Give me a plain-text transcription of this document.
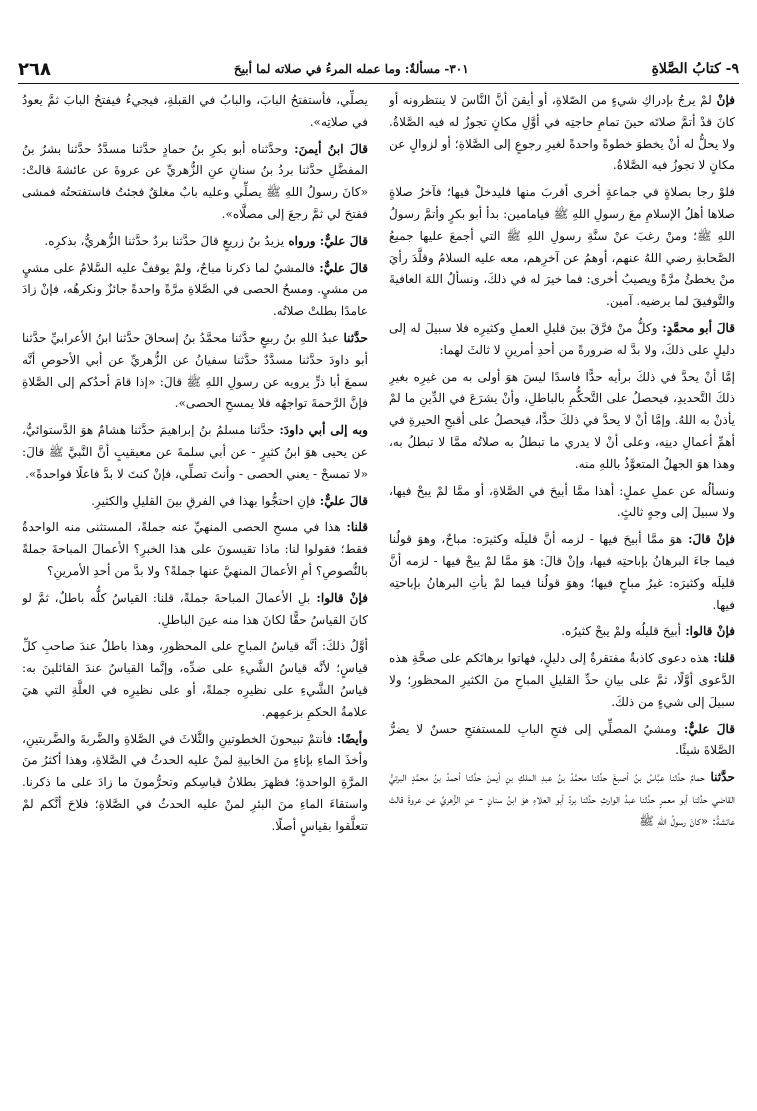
٩- كتابُ الصَّلاةِ
٣٠١- مسألةٌ: وما عمله المرءُ في صلاته لما أبيحَ
٢٦٨

فإنْ لمْ يرجُ بإدراكِ شيءٍ من الصّلاةِ، أو أيقنَ أنَّ النَّاسَ لا ينتظرونه أو كانَ قدْ أتمَّ صلاتَه حينَ تمامِ حاجتِه في أوَّلِ مكانٍ تجوزُ له فيه الصَّلاةُ. ولا يحلُّ له أنْ يخطوَ خطوةً واحدةً لغيرِ رجوعٍ إلى الصَّلاةِ؛ أو لزوالٍ عن مكانٍ لا تجوزُ فيه الصَّلاةُ.

فلوْ رجا بصلاةٍ في جماعةٍ أخرى أقربَ منها فليدخلْ فيها؛ فآخرُ صلاةٍ صلاها أهلُ الإسلامِ معَ رسولِ اللهِ ﷺ فيامامين: بدأ أبو بكرٍ وأتمَّ رسولُ اللهِ ﷺ؛ ومنْ رغبَ عنْ سنَّةِ رسولِ اللهِ ﷺ التي أجمعَ عليها جميعُ الصَّحابةِ رضي اللهُ عنهم، أوهمُ عن آخرِهم، معه عليه السلامُ وقلَّدَ رأيَ منْ يخطئُ مرَّةً ويصيبُ أخرى: فما خيرَ له في ذلكَ، ونسألُ اللهَ العافيةَ والتَّوفيقَ لما يرضيه. آمين.

قالَ أبو محمَّدٍ: وكلُّ منْ فرَّقَ بينَ قليلِ العملِ وكثيرِه فلا سبيلَ له إلى دليلٍ على ذلكَ، ولا بدَّ له ضرورةً من أحدِ أمرينِ لا ثالثَ لهما:

إمَّا أنْ يحدَّ في ذلكَ برأيه حدًّا فاسدًا ليسَ هوَ أولى به من غيرِه بغيرِ ذلكَ التَّحديدِ، فيحصلُ على التَّحكُّمِ بالباطلِ، وأنْ يشرَعَ في الدِّينِ ما لمْ يأذنْ به اللهُ. وإمَّا أنْ لا يحدَّ في ذلكَ حدًّا، فيحصلُ على أقبحِ الحيرةِ في أهمِّ أعمالِ دينِه، وعلى أنْ لا يدري ما تبطلُ به صلاتُه ممَّا لا تبطلُ به، وهذا هوَ الجهلُ المتعوَّذُ باللهِ منه.

ونسألُه عن عملِ عملٍ: أهذا ممَّا أبيحَ في الصَّلاةِ، أو ممَّا لمْ يبحْ فيها، ولا سبيلَ إلى وجهٍ ثالثٍ.

فإنْ قالَ: هوَ ممَّا أبيحَ فيها - لزمه أنَّ قليلَه وكثيرَه: مباحٌ، وهوَ قولُنا فيما جاءَ البرهانُ بإباحتِه فيها، وإنْ قالَ: هوَ ممَّا لمْ يبحْ فيها - لزمه أنَّ قليلَه وكثيرَه: غيرُ مباحٍ فيها؛ وهوَ قولُنا فيما لمْ يأتِ البرهانُ بإباحتِه فيها.

فإنْ قالوا: أبيحَ قليلُه ولمْ يبحْ كثيرُه.

قلنا: هذه دعوى كاذبةٌ مفتقرةٌ إلى دليلٍ، فهاتوا برهانَكم على صحَّةِ هذه الدَّعوى أوَّلًا، ثمَّ على بيانِ حدِّ القليلِ المباحِ منَ الكثيرِ المحظورِ؛ ولا سبيلَ إلى شيءٍ من ذلكَ.

قالَ عليٌّ: ومشيُ المصلِّي إلى فتحِ البابِ للمستفتحِ حسنٌ لا يضرُّ الصَّلاةَ شيئًا.

حدَّثنا حمامٌ حدَّثنا عبَّاسُ بنُ أصبغَ حدَّثنا محمَّدُ بنُ عبدِ الملكِ بنِ أيمنَ حدَّثنا أحمدُ بنُ محمَّدٍ البرتيُّ القاضي حدَّثنا أبو معمرٍ حدَّثنا عبدُ الوارثِ حدَّثنا بردُ أبو العلاءِ هوَ ابنُ سنانٍ - عنِ الزُّهريِّ عن عروةَ قالتْ عائشةُ: «كانَ رسولُ اللهِ ﷺ

يصلِّي، فأستفتحُ البابَ، والبابُ في القبلةِ، فيجيءُ فيفتحُ البابَ ثمَّ يعودُ في صلاتِه».

قالَ ابنُ أيمنَ: وحدَّثناه أبو بكرِ بنُ حمادٍ حدَّثنا مسدَّدٌ حدَّثنا بشرُ بنُ المفضَّلِ حدَّثنا بردُ بنُ سنانٍ عنِ الزُّهريِّ عن عروةَ عن عائشةَ قالتْ: «كانَ رسولُ اللهِ ﷺ يصلِّي وعليه بابٌ مغلقٌ فجئتُ فاستفتحتُه فمشى ففتحَ لي ثمَّ رجعَ إلى مصلَّاه».

قالَ عليٌّ: ورواه يزيدُ بنُ زريعٍ قالَ حدَّثنا بردٌ حدَّثنا الزُّهريُّ، بذكرِه.

قالَ عليٌّ: فالمشيُ لما ذكرنا مباحٌ، ولمْ يوقفْ عليه السَّلامُ على مشيٍ من مشيٍ. ومسحُ الحصى في الصَّلاةِ مرَّةً واحدةً جائزٌ ونكرهُه، فإنْ زادَ عامدًا بطلتْ صلاتُه.

حدَّثنا عبدُ اللهِ بنُ ربيعٍ حدَّثنا محمَّدُ بنُ إسحاقَ حدَّثنا ابنُ الأعرابيِّ حدَّثنا أبو داودَ حدَّثنا مسدَّدٌ حدَّثنا سفيانُ عن الزُّهريِّ عن أبي الأحوصِ أنَّه سمعَ أبا ذرٍّ يرويه عن رسولِ اللهِ ﷺ قالَ: «إذا قامَ أحدُكم إلى الصَّلاةِ فإنَّ الرَّحمةَ تواجهُه فلا يمسحِ الحصى».

وبه إلى أبي داودَ: حدَّثنا مسلمُ بنُ إبراهيمَ حدَّثنا هشامٌ هوَ الدَّستوائيُّ، عن يحيى هوَ ابنُ كثيرٍ - عن أبي سلمةَ عن معيقيبٍ أنَّ النَّبيَّ ﷺ قالَ: «لا تمسحْ - يعني الحصى - وأنتَ تصلِّي، فإنْ كنتَ لا بدَّ فاعلًا فواحدةً».

قالَ عليٌّ: فإنِ احتجُّوا بهذا في الفرقِ بينَ القليلِ والكثيرِ.

قلنا: هذا في مسحِ الحصى المنهيِّ عنه جملةً، المستثنى منه الواحدةُ فقط؛ فقولوا لنا: ماذا تقيسونَ على هذا الخبرِ؟ الأعمالَ المباحةَ جملةً بالنُّصوصِ؟ أمِ الأعمالَ المنهيَّ عنها جملةً؟ ولا بدَّ من أحدِ الأمرينِ؟

فإنْ قالوا: بلِ الأعمالَ المباحةَ جملةً، قلنا: القياسُ كلُّه باطلٌ، ثمَّ لو كانَ القياسُ حقًّا لكانَ هذا منه عينَ الباطلِ.

أوَّلُ ذلكَ: أنَّه قياسُ المباحِ على المحظورِ، وهذا باطلٌ عندَ صاحبِ كلِّ قياسٍ؛ لأنَّه قياسُ الشَّيءِ على ضدِّه، وإنَّما القياسُ عندَ القائلينَ به: قياسُ الشَّيءِ على نظيرِه جملةً، أو على نظيرِه في العلَّةِ التي هيَ علامةُ الحكمِ بزعمِهم.

وأيضًا: فأنتمْ تبيحونَ الخطوتينِ والثَّلاثَ في الصَّلاةِ والضَّربةَ والضَّربتينِ، وأخذَ الماءِ بإناءٍ منَ الخابيةِ لمنْ عليه الحدثُ في الصَّلاةِ، وهذا أكثرُ منَ المرَّةِ الواحدةِ؛ فظهرَ بطلانُ قياسِكم وتحرُّمونَ ما زادَ على ما ذكرنا. واستقاءَ الماءِ منَ البئرِ لمنْ عليه الحدثُ في الصَّلاةِ؛ فلاحَ أنَّكم لمْ تتعلَّقوا بقياسٍ أصلًا.
